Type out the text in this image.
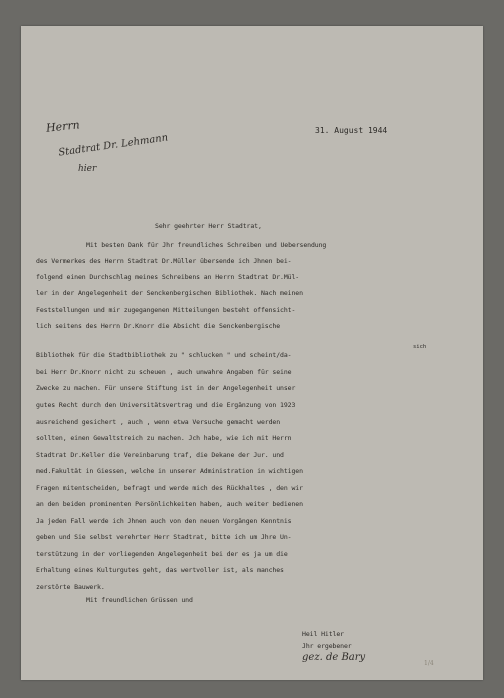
Herrn
Stadtrat Dr. Lehmann
hier
31. August 1944
Sehr geehrter Herr Stadtrat,
sich
Mit besten Dank für Jhr freundliches Schreiben und Uebersendung
des Vermerkes des Herrn Stadtrat Dr.Müller übersende ich Jhnen bei-
folgend einen Durchschlag meines Schreibens an Herrn Stadtrat Dr.Mül-
ler in der Angelegenheit der Senckenbergischen Bibliothek. Nach meinen
Feststellungen und mir zugegangenen Mitteilungen besteht offensicht-
lich seitens des Herrn Dr.Knorr die Absicht die Senckenbergische
Bibliothek für die Stadtbibliothek zu " schlucken " und scheint/da-
bei Herr Dr.Knorr nicht zu scheuen , auch unwahre Angaben für seine
Zwecke zu machen. Für unsere Stiftung ist in der Angelegenheit unser
gutes Recht durch den Universitätsvertrag und die Ergänzung von 1923
ausreichend gesichert , auch , wenn etwa Versuche gemacht werden
sollten, einen Gewaltstreich zu machen. Jch habe, wie ich mit Herrn
Stadtrat Dr.Keller die Vereinbarung traf, die Dekane der Jur. und
med.Fakultät in Giessen, welche in unserer Administration in wichtigen
Fragen mitentscheiden, befragt und werde mich des Rückhaltes , den wir
an den beiden prominenten Persönlichkeiten haben, auch weiter bedienen
Ja jeden Fall werde ich Jhnen auch von den neuen Vorgängen Kenntnis
geben und Sie selbst verehrter Herr Stadtrat, bitte ich um Jhre Un-
terstützung in der vorliegenden Angelegenheit bei der es ja um die
Erhaltung eines Kulturgutes geht, das wertvoller ist, als manches
zerstörte Bauwerk.
Mit freundlichen Grüssen und
Heil Hitler
Jhr ergebener
gez. de Bary
1/4
